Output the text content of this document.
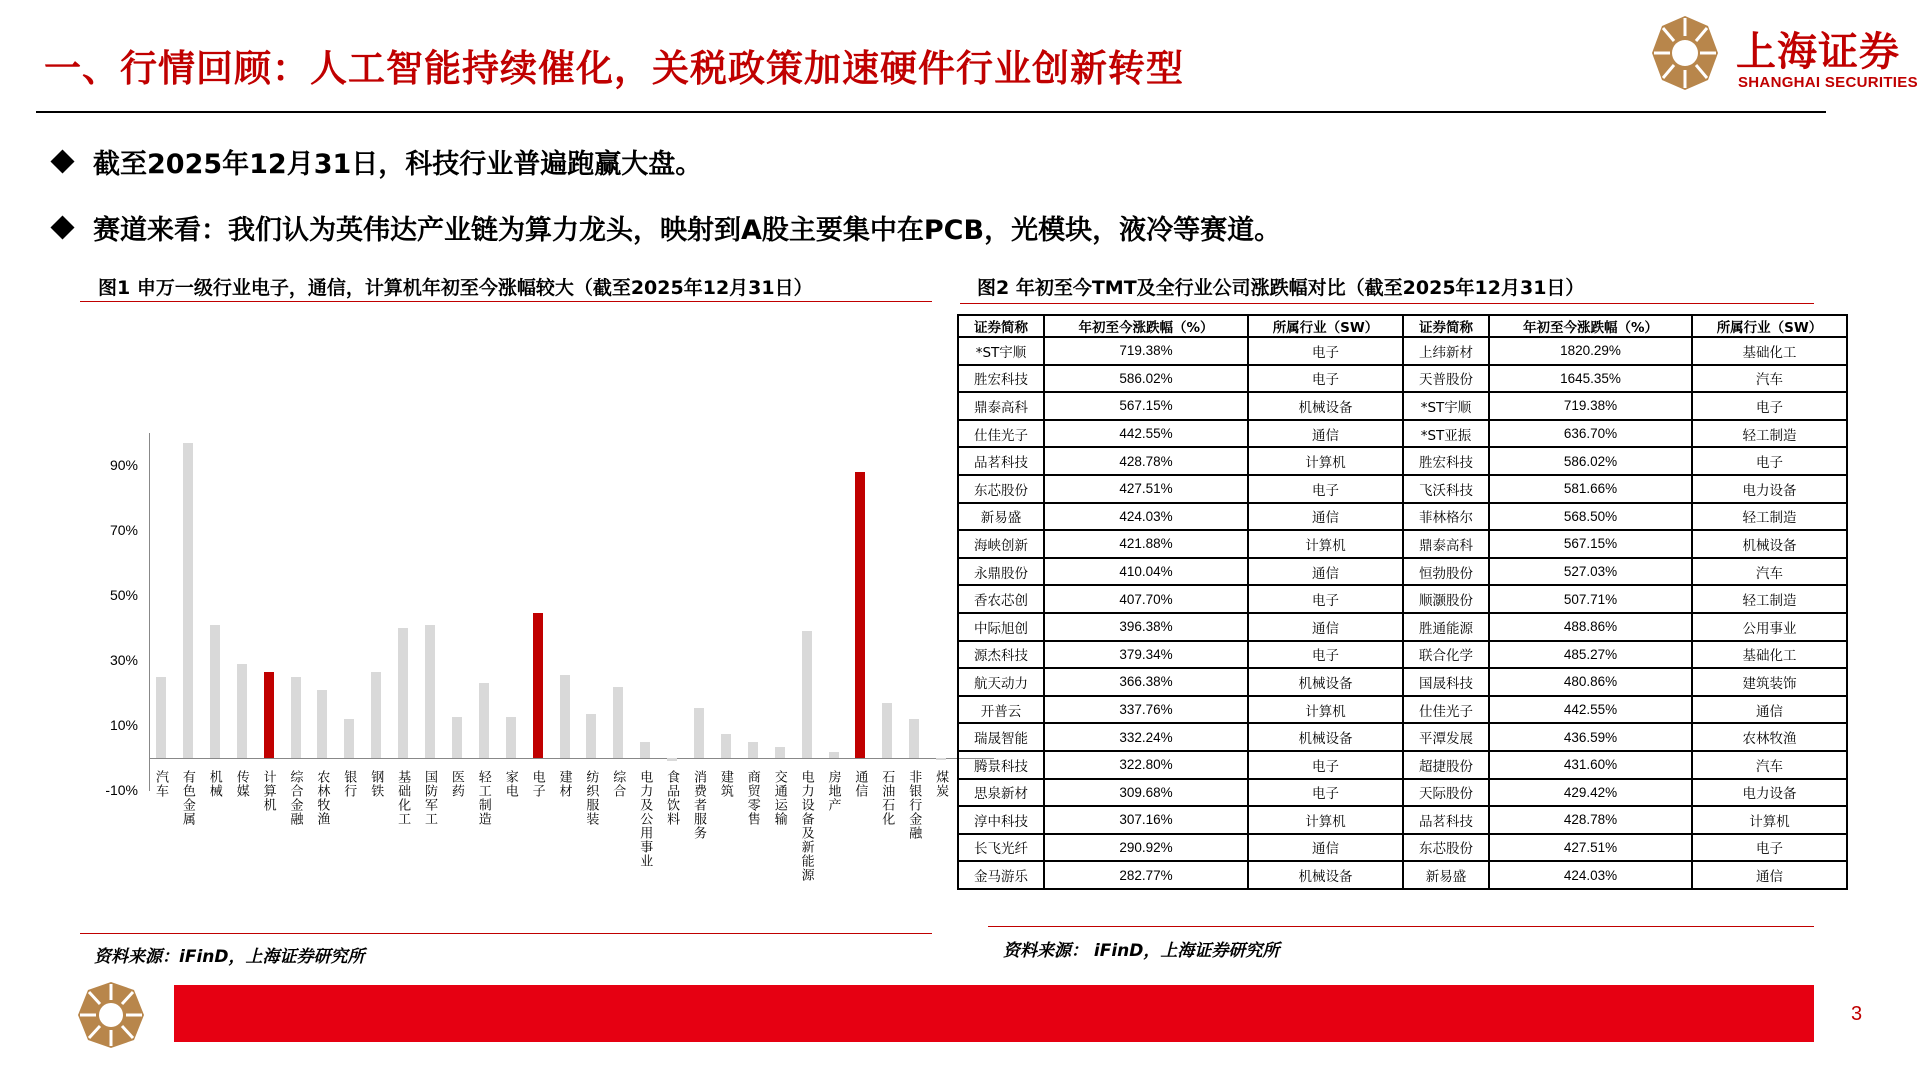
一、行情回顾：人工智能持续催化，关税政策加速硬件行业创新转型	上海证券
SHANGHAI SECURITIES
截至2025年12月31日，科技行业普遍跑赢大盘。
赛道来看：我们认为英伟达产业链为算力龙头，映射到A股主要集中在PCB，光模块，液冷等赛道。
图1 申万一级行业电子，通信，计算机年初至今涨幅较大（截至2025年12月31日）	图2 年初至今TMT及全行业公司涨跌幅对比（截至2025年12月31日）
90%
70%
50%
30%
10%
-10% 汽车 有色金属 机械 传媒 计算机 综合金融 农林牧渔 银行 钢铁 基础化工 国防军工 医药 轻工制造 家电 电子 建材 纺织服装 综合 电力及公用事业 食品饮料 消费者服务 建筑 商贸零售 交通运输 电力设备及新能源 房地产 通信 石油石化 非银行金融 煤炭
证券简称	年初至今涨跌幅（%）	所属行业（SW）	证券简称	年初至今涨跌幅（%）	所属行业（SW）
*ST宇顺	719.38%	电子	上纬新材	1820.29%	基础化工
胜宏科技	586.02%	电子	天普股份	1645.35%	汽车
鼎泰高科	567.15%	机械设备	*ST宇顺	719.38%	电子
仕佳光子	442.55%	通信	*ST亚振	636.70%	轻工制造
品茗科技	428.78%	计算机	胜宏科技	586.02%	电子
东芯股份	427.51%	电子	飞沃科技	581.66%	电力设备
新易盛	424.03%	通信	菲林格尔	568.50%	轻工制造
海峡创新	421.88%	计算机	鼎泰高科	567.15%	机械设备
永鼎股份	410.04%	通信	恒勃股份	527.03%	汽车
香农芯创	407.70%	电子	顺灏股份	507.71%	轻工制造
中际旭创	396.38%	通信	胜通能源	488.86%	公用事业
源杰科技	379.34%	电子	联合化学	485.27%	基础化工
航天动力	366.38%	机械设备	国晟科技	480.86%	建筑装饰
开普云	337.76%	计算机	仕佳光子	442.55%	通信
瑞晟智能	332.24%	机械设备	平潭发展	436.59%	农林牧渔
腾景科技	322.80%	电子	超捷股份	431.60%	汽车
思泉新材	309.68%	电子	天际股份	429.42%	电力设备
淳中科技	307.16%	计算机	品茗科技	428.78%	计算机
长飞光纤	290.92%	通信	东芯股份	427.51%	电子
金马游乐	282.77%	机械设备	新易盛	424.03%	通信
资料来源：iFinD，上海证券研究所	资料来源： iFinD，上海证券研究所
3
